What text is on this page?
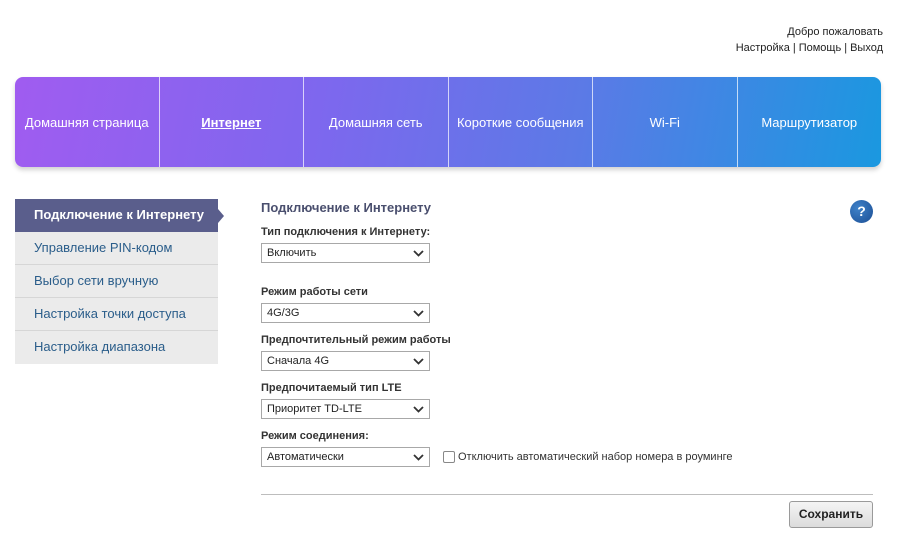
Добро пожаловать
Настройка | Помощь | Выход
Домашняя страница	Интернет	Домашняя сеть	Короткие сообщения	Wi-Fi	Маршрутизатор
Подключение к Интернету
Управление PIN-кодом
Выбор сети вручную
Настройка точки доступа
Настройка диапазона
Подключение к Интернету	?
Тип подключения к Интернету:
Включить
Режим работы сети
4G/3G
Предпочтительный режим работы
Сначала 4G
Предпочитаемый тип LTE
Приоритет TD-LTE
Режим соединения:
Автоматически	Отключить автоматический набор номера в роуминге
Сохранить
